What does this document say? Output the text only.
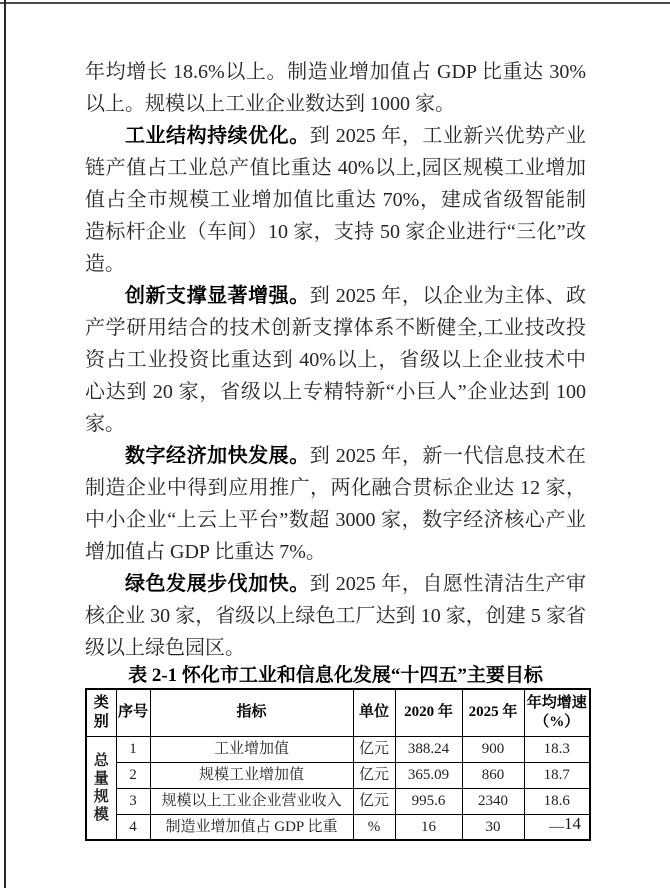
年均增长 18.6%以上。制造业增加值占 GDP 比重达 30%以上。规模以上工业企业数达到 1000 家。

工业结构持续优化。到 2025 年，工业新兴优势产业链产值占工业总产值比重达 40%以上,园区规模工业增加值占全市规模工业增加值比重达 70%，建成省级智能制造标杆企业（车间）10 家，支持 50 家企业进行“三化”改造。

创新支撑显著增强。到 2025 年，以企业为主体、政产学研用结合的技术创新支撑体系不断健全,工业技改投资占工业投资比重达到 40%以上，省级以上企业技术中心达到 20 家，省级以上专精特新“小巨人”企业达到 100 家。

数字经济加快发展。到 2025 年，新一代信息技术在制造企业中得到应用推广，两化融合贯标企业达 12 家，中小企业“上云上平台”数超 3000 家，数字经济核心产业增加值占 GDP 比重达 7%。

绿色发展步伐加快。到 2025 年，自愿性清洁生产审核企业 30 家，省级以上绿色工厂达到 10 家，创建 5 家省级以上绿色园区。

表 2-1 怀化市工业和信息化发展“十四五”主要目标
类别	序号	指标	单位	2020 年	2025 年	年均增速（%）
总量规模	1	工业增加值	亿元	388.24	900	18.3
	2	规模工业增加值	亿元	365.09	860	18.7
	3	规模以上工业企业营业收入	亿元	995.6	2340	18.6
	4	制造业增加值占 GDP 比重	%	16	30	— 14
